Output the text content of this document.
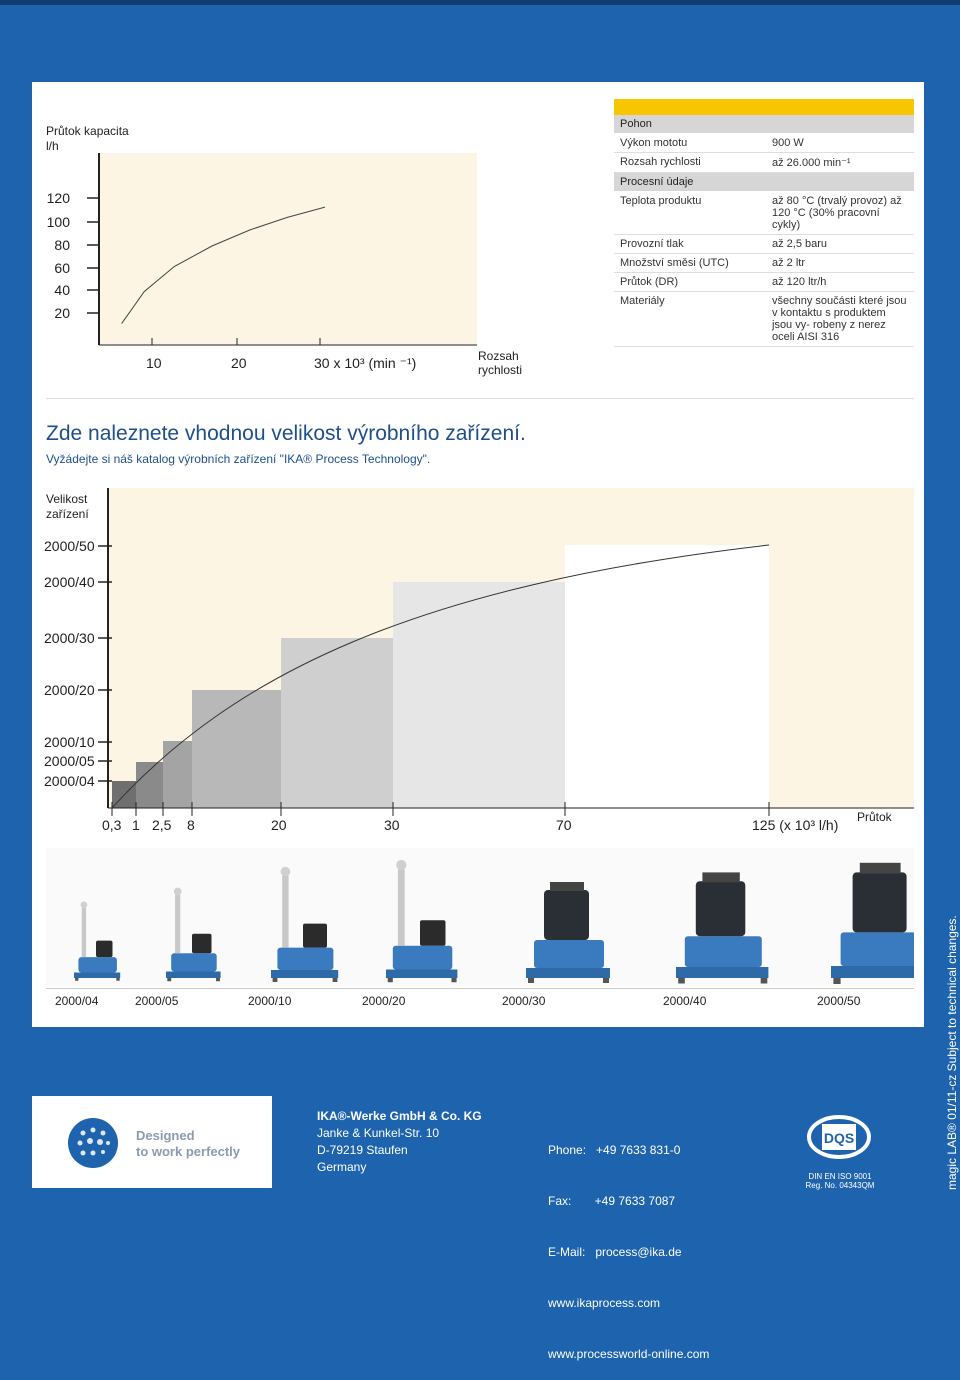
Průtok kapacita l/h
120
100
80
60
40
20
10	20	30 x 10³ (min ⁻¹)	Rozsah rychlosti
Pohon	
Výkon mototu	900 W
Rozsah rychlosti	až 26.000 min⁻¹
Procesní údaje	
Teplota produktu	až 80 °C (trvalý provoz) až 120 °C (30% pracovní cykly)
Provozní tlak	až 2,5 baru
Množství směsi (UTC)	až 2 ltr
Průtok (DR)	až 120 ltr/h
Materiály	všechny součásti které jsou v kontaktu s produktem jsou vy- robeny z nerez oceli AISI 316
Zde naleznete vhodnou velikost výrobního zařízení.
Vyžádejte si náš katalog výrobních zařízení "IKA® Process Technology".
Velikost zařízení
2000/50
2000/40
2000/30
2000/20
2000/10
2000/05
2000/04
0,3 1 2,5 8	20	30	70	125 (x 10³ l/h) Průtok
2000/04	2000/05	2000/10	2000/20	2000/30	2000/40	2000/50
Designed
to work perfectly
IKA®-Werke GmbH & Co. KG
Janke & Kunkel-Str. 10
D-79219 Staufen
Germany

Phone:   +49 7633 831-0

Fax:       +49 7633 7087

E-Mail:   process@ika.de

www.ikaprocess.com

www.processworld-online.com

DQS
DIN EN ISO 9001
Reg. No. 04343QM	magic LAB® 01/11-cz Subject to technical changes.
